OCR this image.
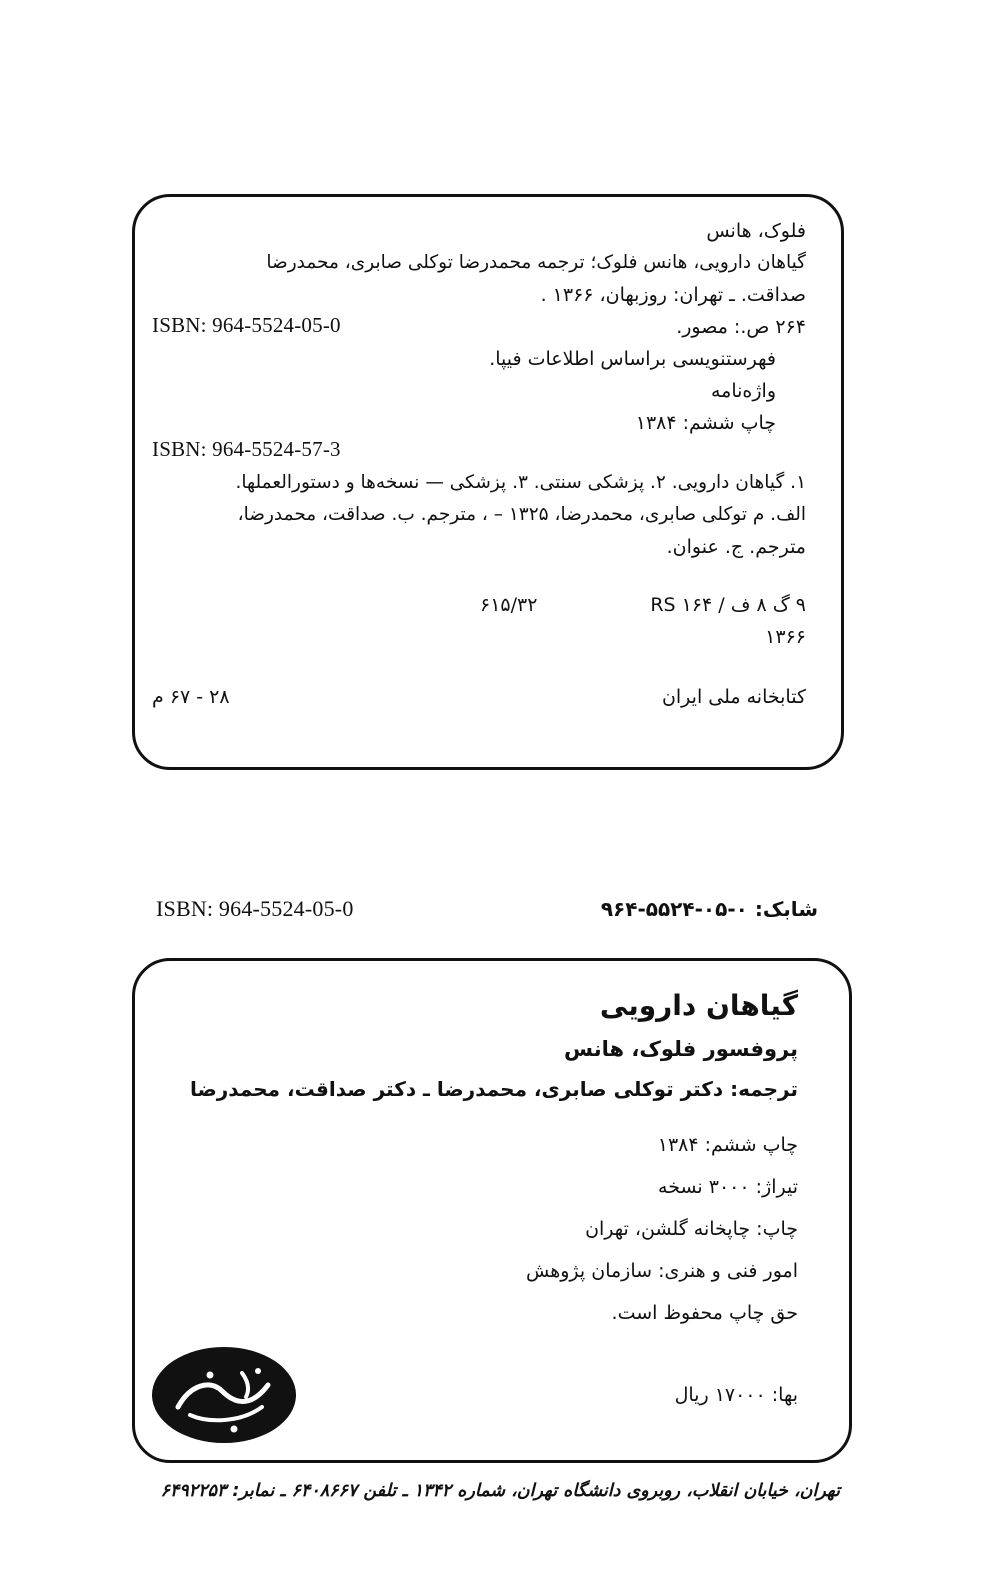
فلوک، هانس
گیاهان دارویی، هانس فلوک؛ ترجمه محمدرضا توکلی صابری، محمدرضا
صداقت. ـ تهران: روزبهان، ۱۳۶۶ .
۲۶۴ ص.: مصور.
ISBN: 964-5524-05-0
فهرستنویسی براساس اطلاعات فیپا.
واژه‌نامه
چاپ ششم: ۱۳۸۴
ISBN: 964-5524-57-3
۱. گیاهان دارویی. ۲. پزشکی سنتی. ۳. پزشکی — نسخه‌ها و دستورالعملها.
الف. م توکلی صابری، محمدرضا، ۱۳۲۵ – ، مترجم. ب. صداقت، محمدرضا،
مترجم. ج. عنوان.
۹ گ ۸ ف / RS ۱۶۴
۶۱۵/۳۲
۱۳۶۶
کتابخانه ملی ایران
۲۸ - ۶۷ م
ISBN: 964-5524-05-0	شابک: ۰-۰۵-۵۵۲۴-۹۶۴
گیاهان دارویی
پروفسور فلوک، هانس
ترجمه: دکتر توکلی صابری، محمدرضا ـ دکتر صداقت، محمدرضا
چاپ ششم: ۱۳۸۴
تیراژ: ۳۰۰۰ نسخه
چاپ: چاپخانه گلشن، تهران
امور فنی و هنری: سازمان پژوهش
حق چاپ محفوظ است.
بها: ۱۷۰۰۰ ریال
تهران، خیابان انقلاب، روبروی دانشگاه تهران، شماره ۱۳۴۲ ـ تلفن ۶۴۰۸۶۶۷ ـ نمابر: ۶۴۹۲۲۵۳
